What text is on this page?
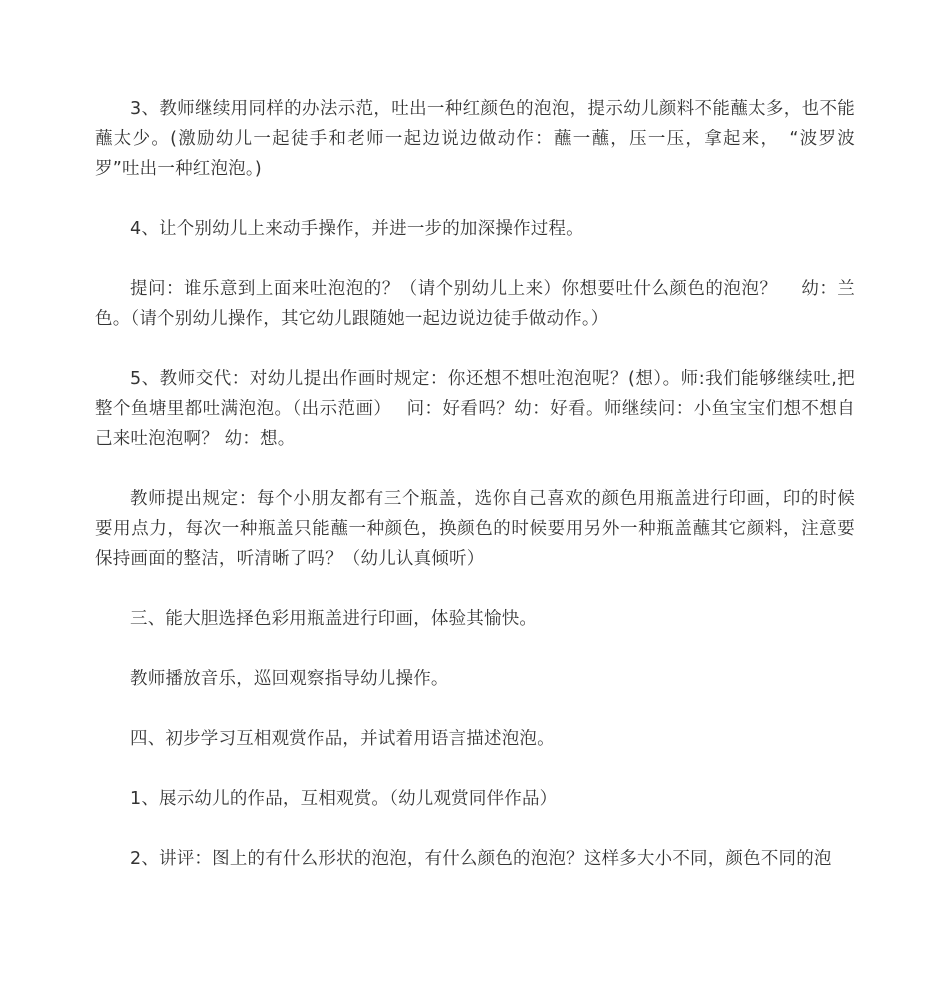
3、教师继续用同样的办法示范，吐出一种红颜色的泡泡，提示幼儿颜料不能蘸太多，也不能蘸太少。(激励幼儿一起徒手和老师一起边说边做动作：蘸一蘸，压一压，拿起来，　“波罗波罗”吐出一种红泡泡。)

4、让个别幼儿上来动手操作，并进一步的加深操作过程。

提问：谁乐意到上面来吐泡泡的？（请个别幼儿上来）你想要吐什么颜色的泡泡？　 幼：兰色。（请个别幼儿操作，其它幼儿跟随她一起边说边徒手做动作。）

5、教师交代：对幼儿提出作画时规定：你还想不想吐泡泡呢？(想）。师:我们能够继续吐,把整个鱼塘里都吐满泡泡。（出示范画）　 问：好看吗？幼：好看。师继续问：小鱼宝宝们想不想自己来吐泡泡啊？ 幼：想。

教师提出规定：每个小朋友都有三个瓶盖，选你自己喜欢的颜色用瓶盖进行印画，印的时候要用点力，每次一种瓶盖只能蘸一种颜色，换颜色的时候要用另外一种瓶盖蘸其它颜料，注意要保持画面的整洁，听清晰了吗？（幼儿认真倾听）

三、能大胆选择色彩用瓶盖进行印画，体验其愉快。

教师播放音乐，巡回观察指导幼儿操作。

四、初步学习互相观赏作品，并试着用语言描述泡泡。

1、展示幼儿的作品，互相观赏。（幼儿观赏同伴作品）

2、讲评：图上的有什么形状的泡泡，有什么颜色的泡泡？这样多大小不同，颜色不同的泡
